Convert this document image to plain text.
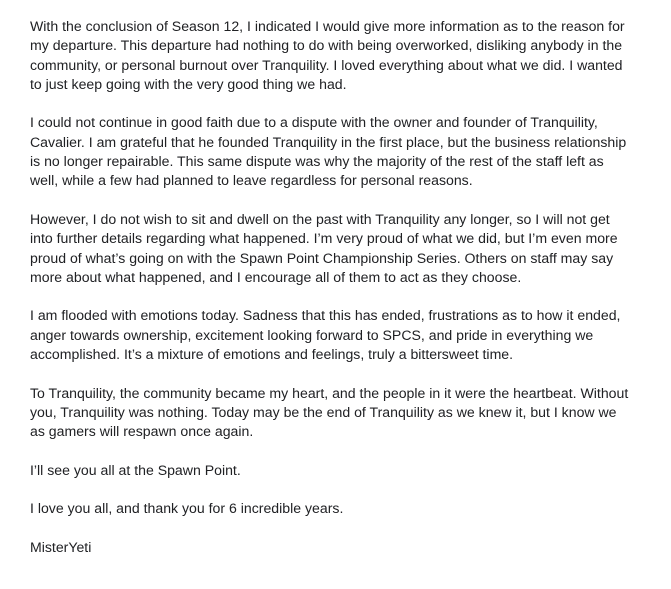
With the conclusion of Season 12, I indicated I would give more information as to the reason for
my departure. This departure had nothing to do with being overworked, disliking anybody in the
community, or personal burnout over Tranquility. I loved everything about what we did. I wanted
to just keep going with the very good thing we had.

I could not continue in good faith due to a dispute with the owner and founder of Tranquility,
Cavalier. I am grateful that he founded Tranquility in the first place, but the business relationship
is no longer repairable. This same dispute was why the majority of the rest of the staff left as
well, while a few had planned to leave regardless for personal reasons.

However, I do not wish to sit and dwell on the past with Tranquility any longer, so I will not get
into further details regarding what happened. I’m very proud of what we did, but I’m even more
proud of what’s going on with the Spawn Point Championship Series. Others on staff may say
more about what happened, and I encourage all of them to act as they choose.

I am flooded with emotions today. Sadness that this has ended, frustrations as to how it ended,
anger towards ownership, excitement looking forward to SPCS, and pride in everything we
accomplished. It’s a mixture of emotions and feelings, truly a bittersweet time.

To Tranquility, the community became my heart, and the people in it were the heartbeat. Without
you, Tranquility was nothing. Today may be the end of Tranquility as we knew it, but I know we
as gamers will respawn once again.

I’ll see you all at the Spawn Point.

I love you all, and thank you for 6 incredible years.

MisterYeti
